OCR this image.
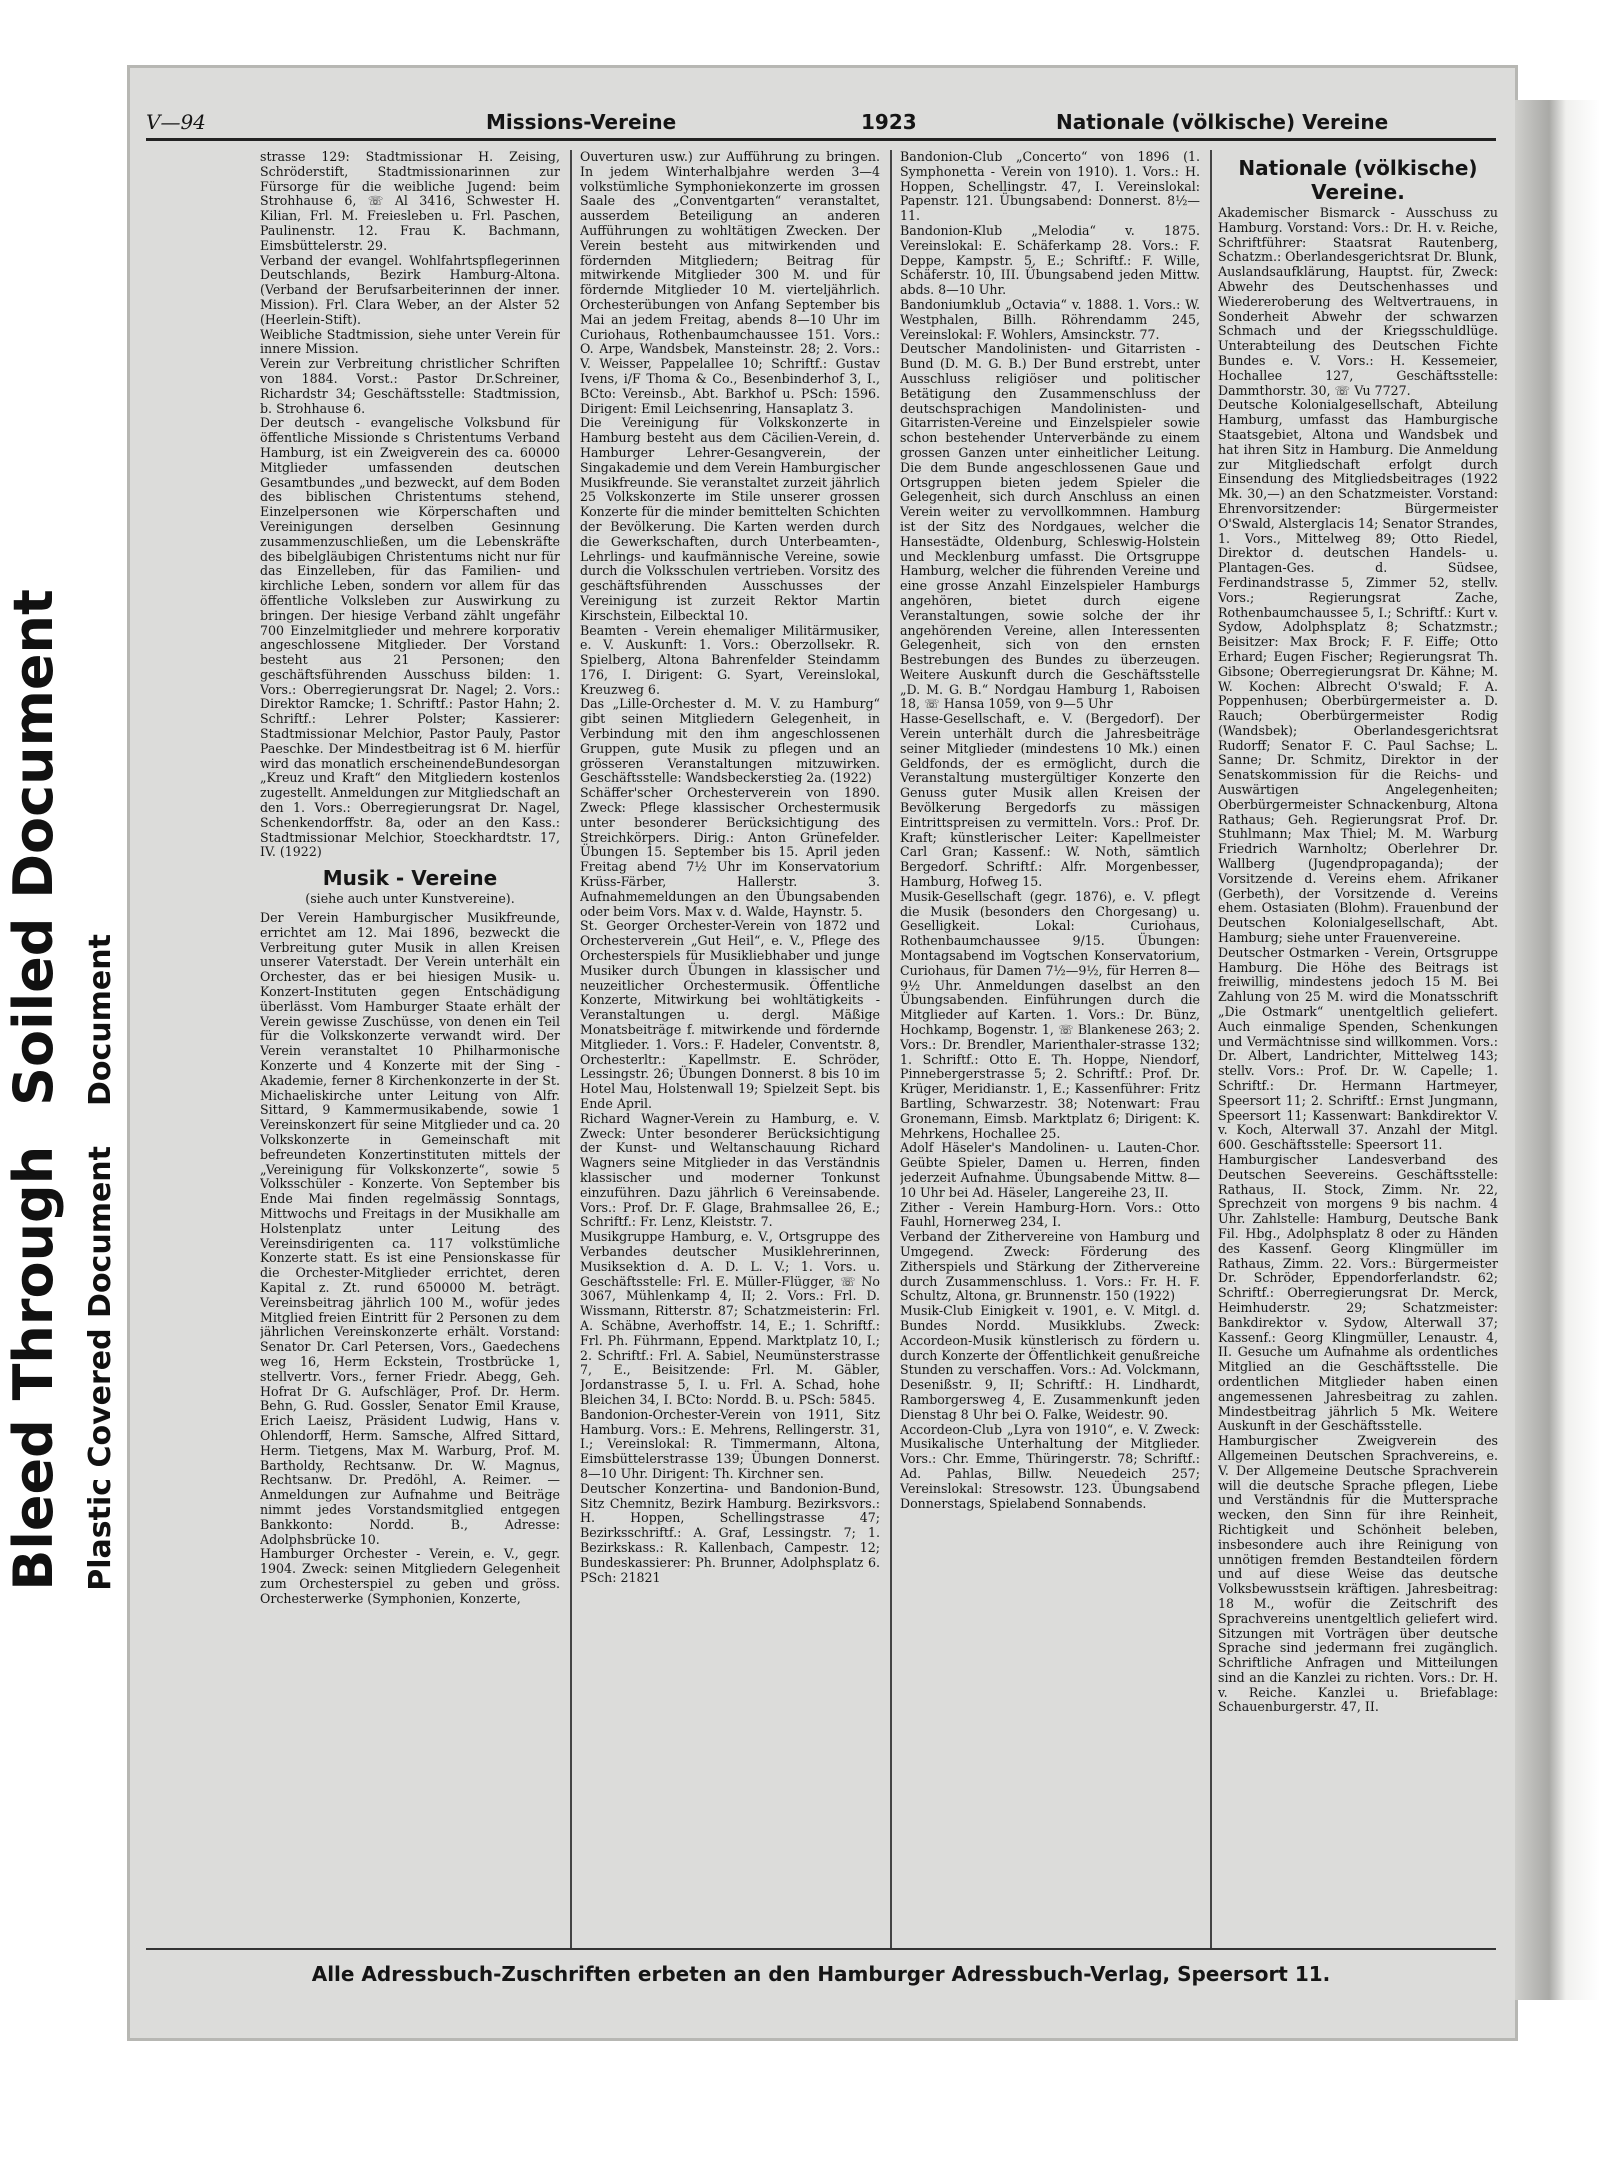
Bleed Through
Soiled Document
Plastic Covered Document
Document
V—94	Missions-Vereine	1923	Nationale (völkische) Vereine

strasse 129: Stadtmissionar H. Zeising, Schröderstift, Stadtmissionarinnen zur Fürsorge für die weibliche Jugend: beim Strohhause 6, ☏ Al 3416, Schwester H. Kilian, Frl. M. Freiesleben u. Frl. Paschen, Paulinenstr. 12. Frau K. Bachmann, Eimsbüttelerstr. 29.

Verband der evangel. Wohlfahrtspflegerinnen Deutschlands, Bezirk Hamburg-Altona. (Verband der Berufsarbeiterinnen der inner. Mission). Frl. Clara Weber, an der Alster 52 (Heerlein-Stift).

Weibliche Stadtmission, siehe unter Verein für innere Mission.

Verein zur Verbreitung christlicher Schriften von 1884. Vorst.: Pastor Dr.Schreiner, Richardstr 34; Geschäftsstelle: Stadtmission, b. Strohhause 6.

Der deutsch - evangelische Volksbund für öffentliche Missionde s Christentums Verband Hamburg, ist ein Zweigverein des ca. 60000 Mitglieder umfassenden deutschen Gesamtbundes „und bezweckt, auf dem Boden des biblischen Christentums stehend, Einzelpersonen wie Körperschaften und Vereinigungen derselben Gesinnung zusammenzuschließen, um die Lebenskräfte des bibelgläubigen Christentums nicht nur für das Einzelleben, für das Familien- und kirchliche Leben, sondern vor allem für das öffentliche Volksleben zur Auswirkung zu bringen. Der hiesige Verband zählt ungefähr 700 Einzelmitglieder und mehrere korporativ angeschlossene Mitglieder. Der Vorstand besteht aus 21 Personen; den geschäftsführenden Ausschuss bilden: 1. Vors.: Oberregierungsrat Dr. Nagel; 2. Vors.: Direktor Ramcke; 1. Schriftf.: Pastor Hahn; 2. Schriftf.: Lehrer Polster; Kassierer: Stadtmissionar Melchior, Pastor Pauly, Pastor Paeschke. Der Mindestbeitrag ist 6 M. hierfür wird das monatlich erscheinendeBundesorgan „Kreuz und Kraft“ den Mitgliedern kostenlos zugestellt. Anmeldungen zur Mitgliedschaft an den 1. Vors.: Oberregierungsrat Dr. Nagel, Schenkendorffstr. 8a, oder an den Kass.: Stadtmissionar Melchior, Stoeckhardtstr. 17, IV. (1922)

Musik - Vereine
(siehe auch unter Kunstvereine).

Der Verein Hamburgischer Musikfreunde, errichtet am 12. Mai 1896, bezweckt die Verbreitung guter Musik in allen Kreisen unserer Vaterstadt. Der Verein unterhält ein Orchester, das er bei hiesigen Musik- u. Konzert-Instituten gegen Entschädigung überlässt. Vom Hamburger Staate erhält der Verein gewisse Zuschüsse, von denen ein Teil für die Volkskonzerte verwandt wird. Der Verein veranstaltet 10 Philharmonische Konzerte und 4 Konzerte mit der Sing - Akademie, ferner 8 Kirchenkonzerte in der St. Michaeliskirche unter Leitung von Alfr. Sittard, 9 Kammermusikabende, sowie 1 Vereinskonzert für seine Mitglieder und ca. 20 Volkskonzerte in Gemeinschaft mit befreundeten Konzertinstituten mittels der „Vereinigung für Volkskonzerte“, sowie 5 Volksschüler - Konzerte. Von September bis Ende Mai finden regelmässig Sonntags, Mittwochs und Freitags in der Musikhalle am Holstenplatz unter Leitung des Vereinsdirigenten ca. 117 volkstümliche Konzerte statt. Es ist eine Pensionskasse für die Orchester-Mitglieder errichtet, deren Kapital z. Zt. rund 650000 M. beträgt. Vereinsbeitrag jährlich 100 M., wofür jedes Mitglied freien Eintritt für 2 Personen zu dem jährlichen Vereinskonzerte erhält. Vorstand: Senator Dr. Carl Petersen, Vors., Gaedechens weg 16, Herm Eckstein, Trostbrücke 1, stellvertr. Vors., ferner Friedr. Abegg, Geh. Hofrat Dr G. Aufschläger, Prof. Dr. Herm. Behn, G. Rud. Gossler, Senator Emil Krause, Erich Laeisz, Präsident Ludwig, Hans v. Ohlendorff, Herm. Samsche, Alfred Sittard, Herm. Tietgens, Max M. Warburg, Prof. M. Bartholdy, Rechtsanw. Dr. W. Magnus, Rechtsanw. Dr. Predöhl, A. Reimer. — Anmeldungen zur Aufnahme und Beiträge nimmt jedes Vorstandsmitglied entgegen Bankkonto: Nordd. B., Adresse: Adolphsbrücke 10.

Hamburger Orchester - Verein, e. V., gegr. 1904. Zweck: seinen Mitgliedern Gelegenheit zum Orchesterspiel zu geben und gröss. Orchesterwerke (Symphonien, Konzerte,

Ouverturen usw.) zur Aufführung zu bringen. In jedem Winterhalbjahre werden 3—4 volkstümliche Symphoniekonzerte im grossen Saale des „Conventgarten“ veranstaltet, ausserdem Beteiligung an anderen Aufführungen zu wohltätigen Zwecken. Der Verein besteht aus mitwirkenden und fördernden Mitgliedern; Beitrag für mitwirkende Mitglieder 300 M. und für fördernde Mitglieder 10 M. vierteljährlich. Orchesterübungen von Anfang September bis Mai an jedem Freitag, abends 8—10 Uhr im Curiohaus, Rothenbaumchaussee 151. Vors.: O. Arpe, Wandsbek, Mansteinstr. 28; 2. Vors.: V. Weisser, Pappelallee 10; Schriftf.: Gustav Ivens, i/F Thoma & Co., Besenbinderhof 3, I., BCto: Vereinsb., Abt. Barkhof u. PSch: 1596. Dirigent: Emil Leichsenring, Hansaplatz 3.

Die Vereinigung für Volkskonzerte in Hamburg besteht aus dem Cäcilien-Verein, d. Hamburger Lehrer-Gesangverein, der Singakademie und dem Verein Hamburgischer Musikfreunde. Sie veranstaltet zurzeit jährlich 25 Volkskonzerte im Stile unserer grossen Konzerte für die minder bemittelten Schichten der Bevölkerung. Die Karten werden durch die Gewerkschaften, durch Unterbeamten-, Lehrlings- und kaufmännische Vereine, sowie durch die Volksschulen vertrieben. Vorsitz des geschäftsführenden Ausschusses der Vereinigung ist zurzeit Rektor Martin Kirschstein, Eilbecktal 10.

Beamten - Verein ehemaliger Militärmusiker, e. V. Auskunft: 1. Vors.: Oberzollsekr. R. Spielberg, Altona Bahrenfelder Steindamm 176, I. Dirigent: G. Syart, Vereinslokal, Kreuzweg 6.

Das „Lille-Orchester d. M. V. zu Hamburg“ gibt seinen Mitgliedern Gelegenheit, in Verbindung mit den ihm angeschlossenen Gruppen, gute Musik zu pflegen und an grösseren Veranstaltungen mitzuwirken. Geschäftsstelle: Wandsbeckerstieg 2a. (1922)

Schäffer'scher Orchesterverein von 1890. Zweck: Pflege klassischer Orchestermusik unter besonderer Berücksichtigung des Streichkörpers. Dirig.: Anton Grünefelder. Übungen 15. September bis 15. April jeden Freitag abend 7½ Uhr im Konservatorium Krüss-Färber, Hallerstr. 3. Aufnahmemeldungen an den Übungsabenden oder beim Vors. Max v. d. Walde, Haynstr. 5.

St. Georger Orchester-Verein von 1872 und Orchesterverein „Gut Heil“, e. V., Pflege des Orchesterspiels für Musikliebhaber und junge Musiker durch Übungen in klassischer und neuzeitlicher Orchestermusik. Öffentliche Konzerte, Mitwirkung bei wohltätigkeits - Veranstaltungen u. dergl. Mäßige Monatsbeiträge f. mitwirkende und fördernde Mitglieder. 1. Vors.: F. Hadeler, Conventstr. 8, Orchesterltr.: Kapellmstr. E. Schröder, Lessingstr. 26; Übungen Donnerst. 8 bis 10 im Hotel Mau, Holstenwall 19; Spielzeit Sept. bis Ende April.

Richard Wagner-Verein zu Hamburg, e. V. Zweck: Unter besonderer Berücksichtigung der Kunst- und Weltanschauung Richard Wagners seine Mitglieder in das Verständnis klassischer und moderner Tonkunst einzuführen. Dazu jährlich 6 Vereinsabende. Vors.: Prof. Dr. F. Glage, Brahmsallee 26, E.; Schriftf.: Fr. Lenz, Kleiststr. 7.

Musikgruppe Hamburg, e. V., Ortsgruppe des Verbandes deutscher Musiklehrerinnen, Musiksektion d. A. D. L. V.; 1. Vors. u. Geschäftsstelle: Frl. E. Müller-Flügger, ☏ No 3067, Mühlenkamp 4, II; 2. Vors.: Frl. D. Wissmann, Ritterstr. 87; Schatzmeisterin: Frl. A. Schäbne, Averhoffstr. 14, E.; 1. Schriftf.: Frl. Ph. Führmann, Eppend. Marktplatz 10, I.; 2. Schriftf.: Frl. A. Sabiel, Neumünsterstrasse 7, E., Beisitzende: Frl. M. Gäbler, Jordanstrasse 5, I. u. Frl. A. Schad, hohe Bleichen 34, I. BCto: Nordd. B. u. PSch: 5845.

Bandonion-Orchester-Verein von 1911, Sitz Hamburg. Vors.: E. Mehrens, Rellingerstr. 31, I.; Vereinslokal: R. Timmermann, Altona, Eimsbüttelerstrasse 139; Übungen Donnerst. 8—10 Uhr. Dirigent: Th. Kirchner sen.

Deutscher Konzertina- und Bandonion-Bund, Sitz Chemnitz, Bezirk Hamburg. Bezirksvors.: H. Hoppen, Schellingstrasse 47; Bezirksschriftf.: A. Graf, Lessingstr. 7; 1. Bezirkskass.: R. Kallenbach, Campestr. 12; Bundeskassierer: Ph. Brunner, Adolphsplatz 6. PSch: 21821

Bandonion-Club „Concerto“ von 1896 (1. Symphonetta - Verein von 1910). 1. Vors.: H. Hoppen, Schellingstr. 47, I. Vereinslokal: Papenstr. 121. Übungsabend: Donnerst. 8½—11.

Bandonion-Klub „Melodia“ v. 1875. Vereinslokal: E. Schäferkamp 28. Vors.: F. Deppe, Kampstr. 5, E.; Schriftf.: F. Wille, Schäferstr. 10, III. Übungsabend jeden Mittw. abds. 8—10 Uhr.

Bandoniumklub „Octavia“ v. 1888. 1. Vors.: W. Westphalen, Billh. Röhrendamm 245, Vereinslokal: F. Wohlers, Amsinckstr. 77.

Deutscher Mandolinisten- und Gitarristen - Bund (D. M. G. B.) Der Bund erstrebt, unter Ausschluss religiöser und politischer Betätigung den Zusammenschluss der deutschsprachigen Mandolinisten- und Gitarristen-Vereine und Einzelspieler sowie schon bestehender Unterverbände zu einem grossen Ganzen unter einheitlicher Leitung. Die dem Bunde angeschlossenen Gaue und Ortsgruppen bieten jedem Spieler die Gelegenheit, sich durch Anschluss an einen Verein weiter zu vervollkommnen. Hamburg ist der Sitz des Nordgaues, welcher die Hansestädte, Oldenburg, Schleswig-Holstein und Mecklenburg umfasst. Die Ortsgruppe Hamburg, welcher die führenden Vereine und eine grosse Anzahl Einzelspieler Hamburgs angehören, bietet durch eigene Veranstaltungen, sowie solche der ihr angehörenden Vereine, allen Interessenten Gelegenheit, sich von den ernsten Bestrebungen des Bundes zu überzeugen. Weitere Auskunft durch die Geschäftsstelle „D. M. G. B.“ Nordgau Hamburg 1, Raboisen 18, ☏ Hansa 1059, von 9—5 Uhr

Hasse-Gesellschaft, e. V. (Bergedorf). Der Verein unterhält durch die Jahresbeiträge seiner Mitglieder (mindestens 10 Mk.) einen Geldfonds, der es ermöglicht, durch die Veranstaltung mustergültiger Konzerte den Genuss guter Musik allen Kreisen der Bevölkerung Bergedorfs zu mässigen Eintrittspreisen zu vermitteln. Vors.: Prof. Dr. Kraft; künstlerischer Leiter: Kapellmeister Carl Gran; Kassenf.: W. Noth, sämtlich Bergedorf. Schriftf.: Alfr. Morgenbesser, Hamburg, Hofweg 15.

Musik-Gesellschaft (gegr. 1876), e. V. pflegt die Musik (besonders den Chorgesang) u. Geselligkeit. Lokal: Curiohaus, Rothenbaumchaussee 9/15. Übungen: Montagsabend im Vogtschen Konservatorium, Curiohaus, für Damen 7½—9½, für Herren 8—9½ Uhr. Anmeldungen daselbst an den Übungsabenden. Einführungen durch die Mitglieder auf Karten. 1. Vors.: Dr. Bünz, Hochkamp, Bogenstr. 1, ☏ Blankenese 263; 2. Vors.: Dr. Brendler, Marienthaler-strasse 132; 1. Schriftf.: Otto E. Th. Hoppe, Niendorf, Pinnebergerstrasse 5; 2. Schriftf.: Prof. Dr. Krüger, Meridianstr. 1, E.; Kassenführer: Fritz Bartling, Schwarzestr. 38; Notenwart: Frau Gronemann, Eimsb. Marktplatz 6; Dirigent: K. Mehrkens, Hochallee 25.

Adolf Häseler's Mandolinen- u. Lauten-Chor. Geübte Spieler, Damen u. Herren, finden jederzeit Aufnahme. Übungsabende Mittw. 8—10 Uhr bei Ad. Häseler, Langereihe 23, II.

Zither - Verein Hamburg-Horn. Vors.: Otto Fauhl, Hornerweg 234, I.

Verband der Zithervereine von Hamburg und Umgegend. Zweck: Förderung des Zitherspiels und Stärkung der Zithervereine durch Zusammenschluss. 1. Vors.: Fr. H. F. Schultz, Altona, gr. Brunnenstr. 150 (1922)

Musik-Club Einigkeit v. 1901, e. V. Mitgl. d. Bundes Nordd. Musikklubs. Zweck: Accordeon-Musik künstlerisch zu fördern u. durch Konzerte der Öffentlichkeit genußreiche Stunden zu verschaffen. Vors.: Ad. Volckmann, Desenißstr. 9, II; Schriftf.: H. Lindhardt, Ramborgersweg 4, E. Zusammenkunft jeden Dienstag 8 Uhr bei O. Falke, Weidestr. 90.

Accordeon-Club „Lyra von 1910“, e. V. Zweck: Musikalische Unterhaltung der Mitglieder. Vors.: Chr. Emme, Thüringerstr. 78; Schriftf.: Ad. Pahlas, Billw. Neuedeich 257; Vereinslokal: Stresowstr. 123. Übungsabend Donnerstags, Spielabend Sonnabends.

Nationale (völkische) Vereine.

Akademischer Bismarck - Ausschuss zu Hamburg. Vorstand: Vors.: Dr. H. v. Reiche, Schriftführer: Staatsrat Rautenberg, Schatzm.: Oberlandesgerichtsrat Dr. Blunk,

Auslandsaufklärung, Hauptst. für, Zweck: Abwehr des Deutschenhasses und Wiedereroberung des Weltvertrauens, in Sonderheit Abwehr der schwarzen Schmach und der Kriegsschuldlüge. Unterabteilung des Deutschen Fichte Bundes e. V. Vors.: H. Kessemeier, Hochallee 127, Geschäftsstelle: Dammthorstr. 30, ☏ Vu 7727.

Deutsche Kolonialgesellschaft, Abteilung Hamburg, umfasst das Hamburgische Staatsgebiet, Altona und Wandsbek und hat ihren Sitz in Hamburg. Die Anmeldung zur Mitgliedschaft erfolgt durch Einsendung des Mitgliedsbeitrages (1922 Mk. 30,—) an den Schatzmeister. Vorstand: Ehrenvorsitzender: Bürgermeister O'Swald, Alsterglacis 14; Senator Strandes, 1. Vors., Mittelweg 89; Otto Riedel, Direktor d. deutschen Handels- u. Plantagen-Ges. d. Südsee, Ferdinandstrasse 5, Zimmer 52, stellv. Vors.; Regierungsrat Zache, Rothenbaumchaussee 5, I.; Schriftf.: Kurt v. Sydow, Adolphsplatz 8; Schatzmstr.; Beisitzer: Max Brock; F. F. Eiffe; Otto Erhard; Eugen Fischer; Regierungsrat Th. Gibsone; Oberregierungsrat Dr. Kähne; M. W. Kochen: Albrecht O'swald; F. A. Poppenhusen; Oberbürgermeister a. D. Rauch; Oberbürgermeister Rodig (Wandsbek); Oberlandesgerichtsrat Rudorff; Senator F. C. Paul Sachse; L. Sanne; Dr. Schmitz, Direktor in der Senatskommission für die Reichs- und Auswärtigen Angelegenheiten; Oberbürgermeister Schnackenburg, Altona Rathaus; Geh. Regierungsrat Prof. Dr. Stuhlmann; Max Thiel; M. M. Warburg Friedrich Warnholtz; Oberlehrer Dr. Wallberg (Jugendpropaganda); der Vorsitzende d. Vereins ehem. Afrikaner (Gerbeth), der Vorsitzende d. Vereins ehem. Ostasiaten (Blohm). Frauenbund der Deutschen Kolonialgesellschaft, Abt. Hamburg; siehe unter Frauenvereine.

Deutscher Ostmarken - Verein, Ortsgruppe Hamburg. Die Höhe des Beitrags ist freiwillig, mindestens jedoch 15 M. Bei Zahlung von 25 M. wird die Monatsschrift „Die Ostmark“ unentgeltlich geliefert. Auch einmalige Spenden, Schenkungen und Vermächtnisse sind willkommen. Vors.: Dr. Albert, Landrichter, Mittelweg 143; stellv. Vors.: Prof. Dr. W. Capelle; 1. Schriftf.: Dr. Hermann Hartmeyer, Speersort 11; 2. Schriftf.: Ernst Jungmann, Speersort 11; Kassenwart: Bankdirektor V. v. Koch, Alterwall 37. Anzahl der Mitgl. 600. Geschäftsstelle: Speersort 11.

Hamburgischer Landesverband des Deutschen Seevereins. Geschäftsstelle: Rathaus, II. Stock, Zimm. Nr. 22, Sprechzeit von morgens 9 bis nachm. 4 Uhr. Zahlstelle: Hamburg, Deutsche Bank Fil. Hbg., Adolphsplatz 8 oder zu Händen des Kassenf. Georg Klingmüller im Rathaus, Zimm. 22. Vors.: Bürgermeister Dr. Schröder, Eppendorferlandstr. 62; Schriftf.: Oberregierungsrat Dr. Merck, Heimhuderstr. 29; Schatzmeister: Bankdirektor v. Sydow, Alterwall 37; Kassenf.: Georg Klingmüller, Lenaustr. 4, II. Gesuche um Aufnahme als ordentliches Mitglied an die Geschäftsstelle. Die ordentlichen Mitglieder haben einen angemessenen Jahresbeitrag zu zahlen. Mindestbeitrag jährlich 5 Mk. Weitere Auskunft in der Geschäftsstelle.

Hamburgischer Zweigverein des Allgemeinen Deutschen Sprachvereins, e. V. Der Allgemeine Deutsche Sprachverein will die deutsche Sprache pflegen, Liebe und Verständnis für die Muttersprache wecken, den Sinn für ihre Reinheit, Richtigkeit und Schönheit beleben, insbesondere auch ihre Reinigung von unnötigen fremden Bestandteilen fördern und auf diese Weise das deutsche Volksbewusstsein kräftigen. Jahresbeitrag: 18 M., wofür die Zeitschrift des Sprachvereins unentgeltlich geliefert wird. Sitzungen mit Vorträgen über deutsche Sprache sind jedermann frei zugänglich. Schriftliche Anfragen und Mitteilungen sind an die Kanzlei zu richten. Vors.: Dr. H. v. Reiche. Kanzlei u. Briefablage: Schauenburgerstr. 47, II.

Alle Adressbuch-Zuschriften erbeten an den Hamburger Adressbuch-Verlag, Speersort 11.
